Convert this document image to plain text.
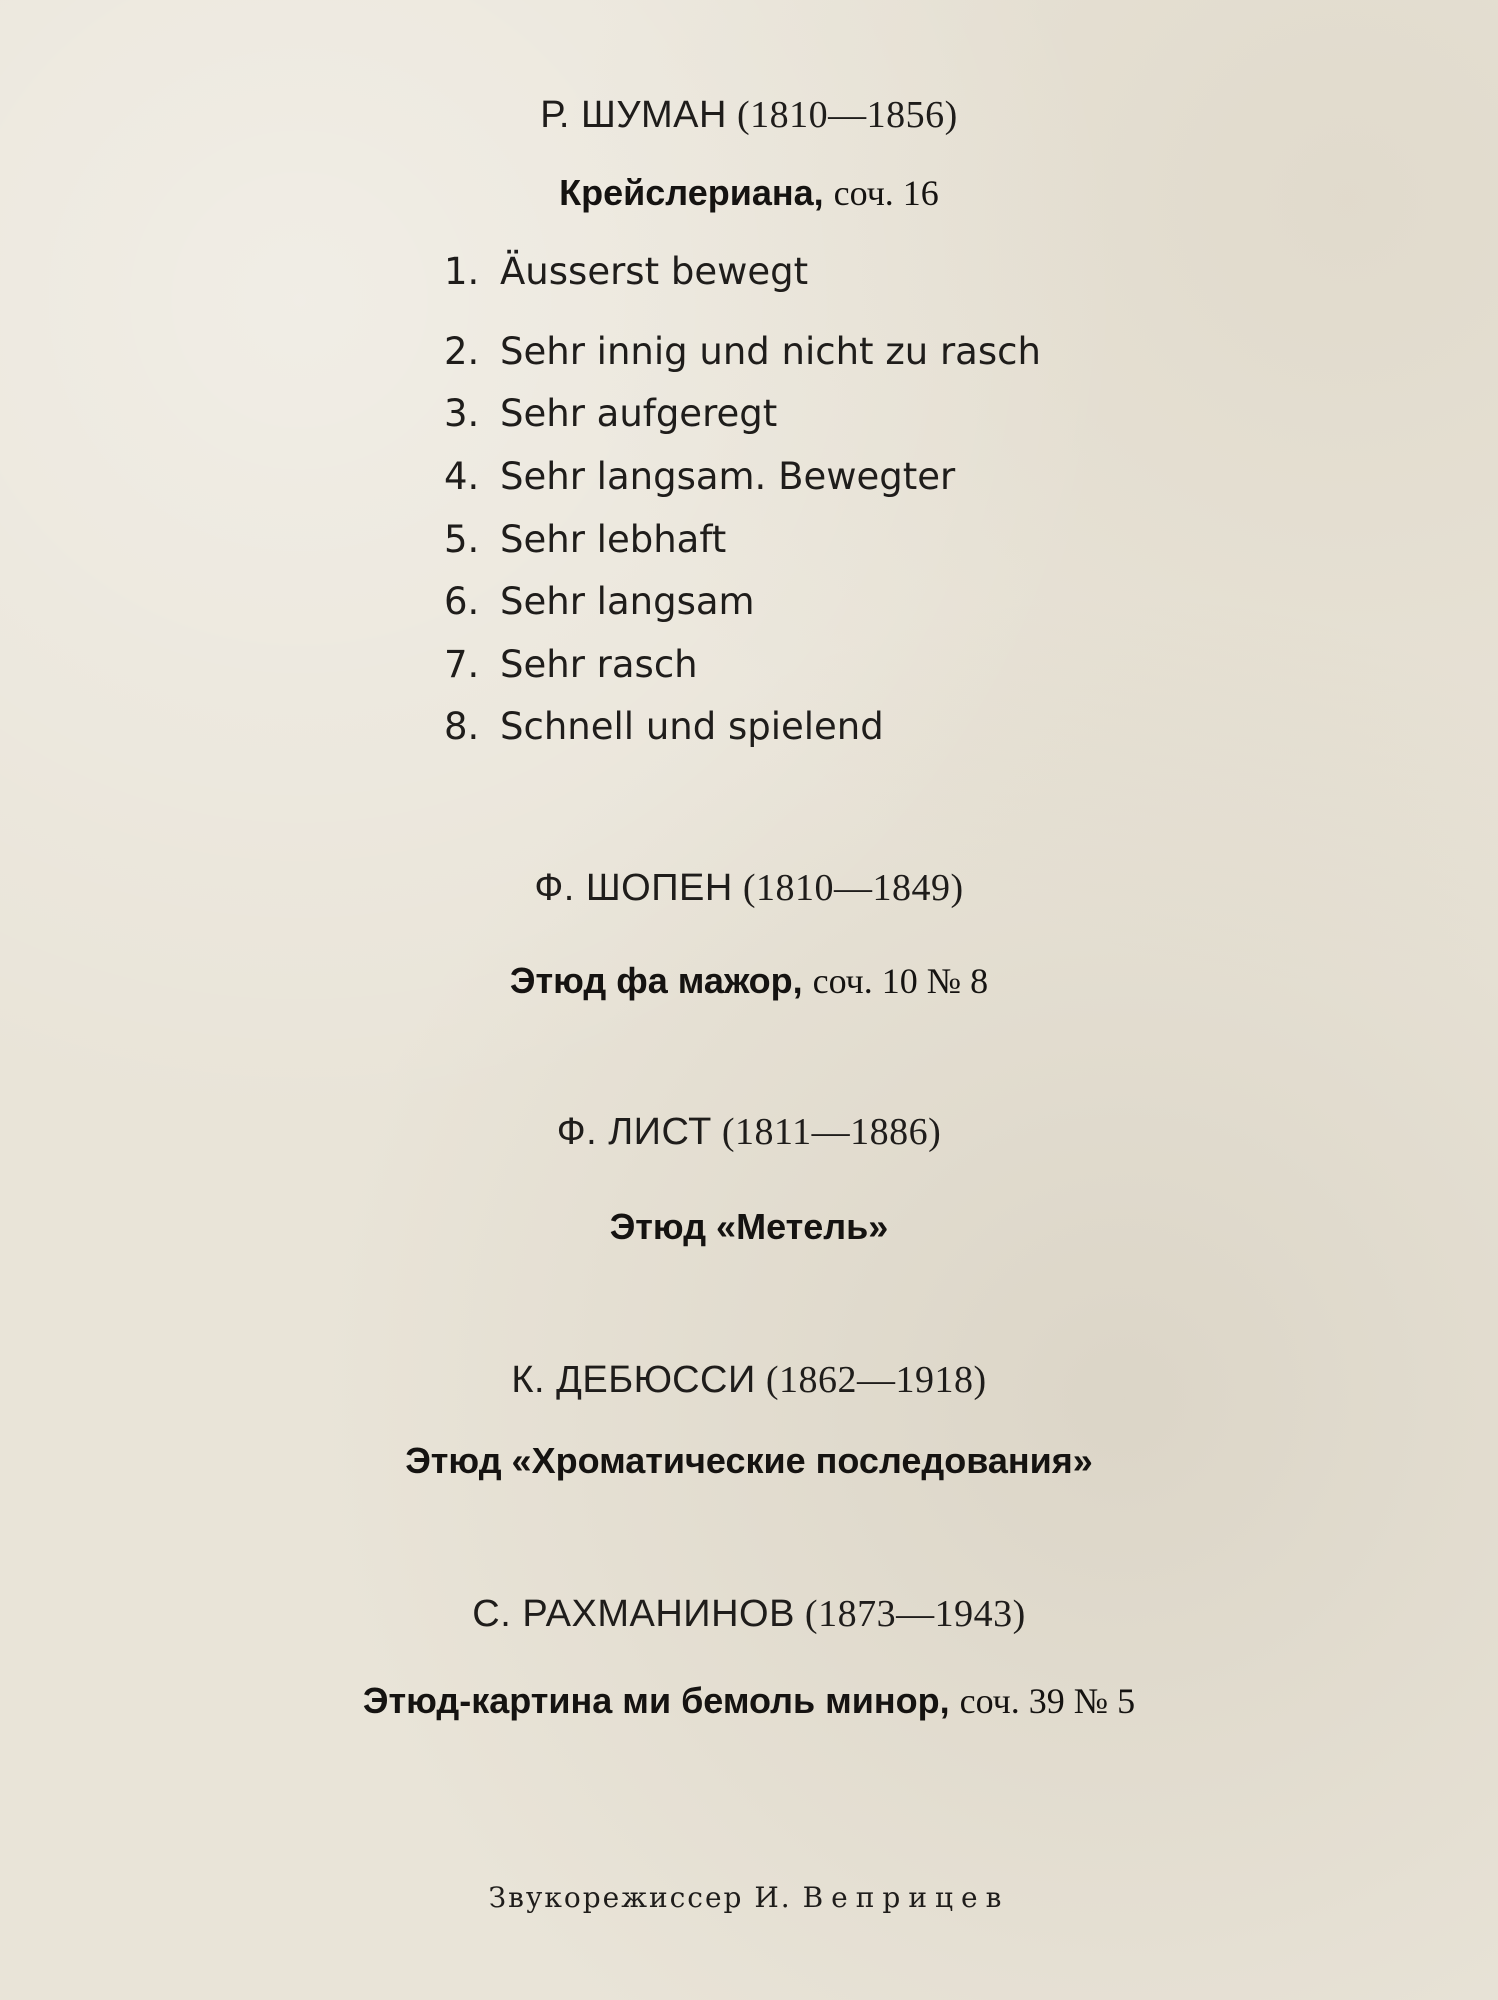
Р. ШУМАН (1810—1856)
Крейслериана, соч. 16
1. Äusserst bewegt
2. Sehr innig und nicht zu rasch
3. Sehr aufgeregt
4. Sehr langsam. Bewegter
5. Sehr lebhaft
6. Sehr langsam
7. Sehr rasch
8. Schnell und spielend
Ф. ШОПЕН (1810—1849)
Этюд фа мажор, соч. 10 № 8
Ф. ЛИСТ (1811—1886)
Этюд «Метель»
К. ДЕБЮССИ (1862—1918)
Этюд «Хроматические последования»
С. РАХМАНИНОВ (1873—1943)
Этюд-картина ми бемоль минор, соч. 39 № 5
Звукорежиссер И. Веприцев
